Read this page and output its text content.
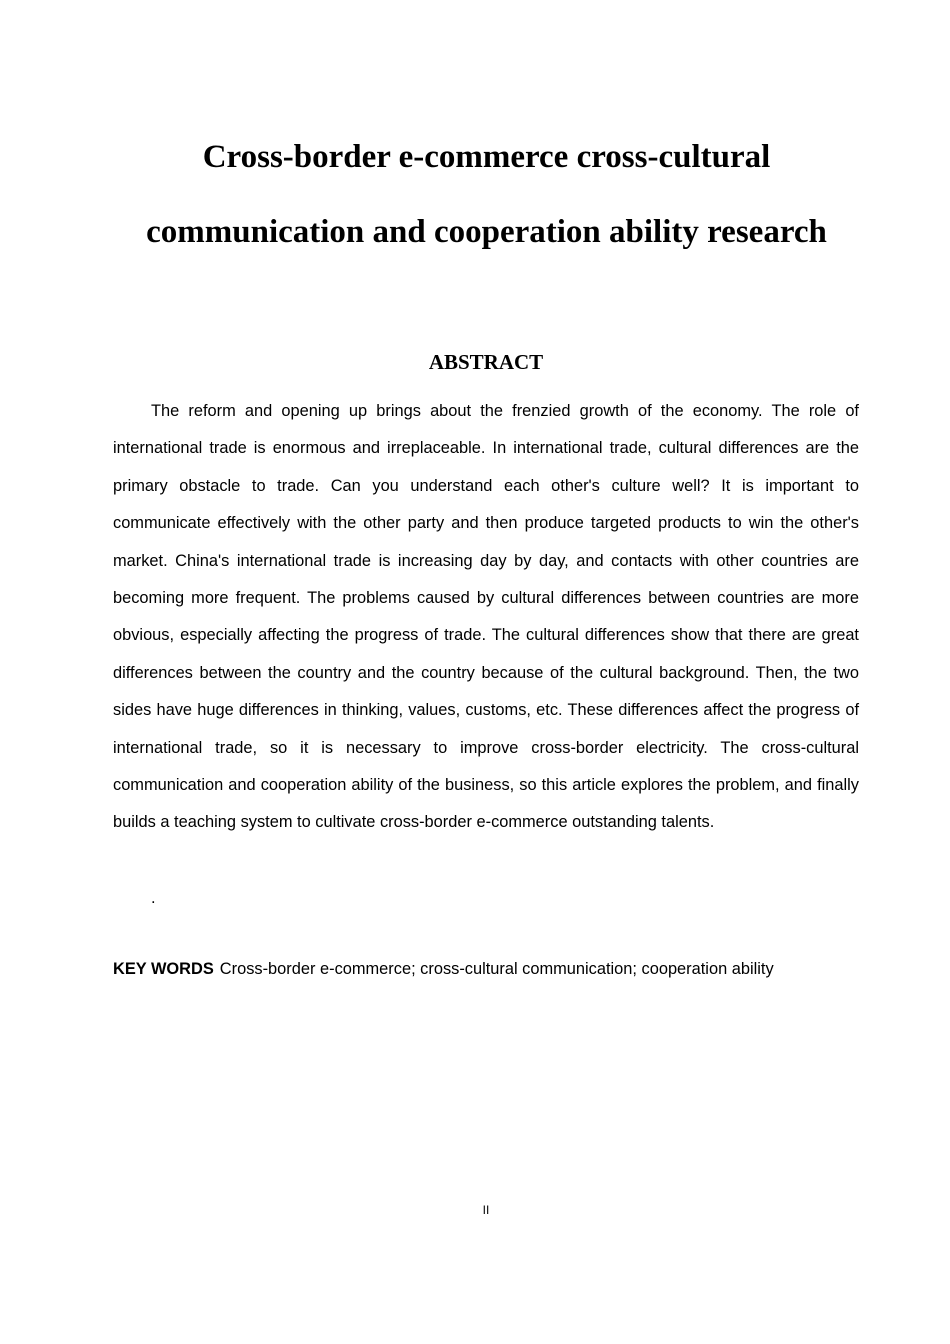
Cross-border e-commerce cross-cultural
communication and cooperation ability research
ABSTRACT

The reform and opening up brings about the frenzied growth of the economy. The role of international trade is enormous and irreplaceable. In international trade, cultural differences are the primary obstacle to trade. Can you understand each other's culture well? It is important to communicate effectively with the other party and then produce targeted products to win the other's market. China's international trade is increasing day by day, and contacts with other countries are becoming more frequent. The problems caused by cultural differences between countries are more obvious, especially affecting the progress of trade. The cultural differences show that there are great differences between the country and the country because of the cultural background. Then, the two sides have huge differences in thinking, values, customs, etc. These differences affect the progress of international trade, so it is necessary to improve cross-border electricity. The cross-cultural communication and cooperation ability of the business, so this article explores the problem, and finally builds a teaching system to cultivate cross-border e-commerce outstanding talents.

.

KEY WORDS Cross-border e-commerce; cross-cultural communication; cooperation ability

II
